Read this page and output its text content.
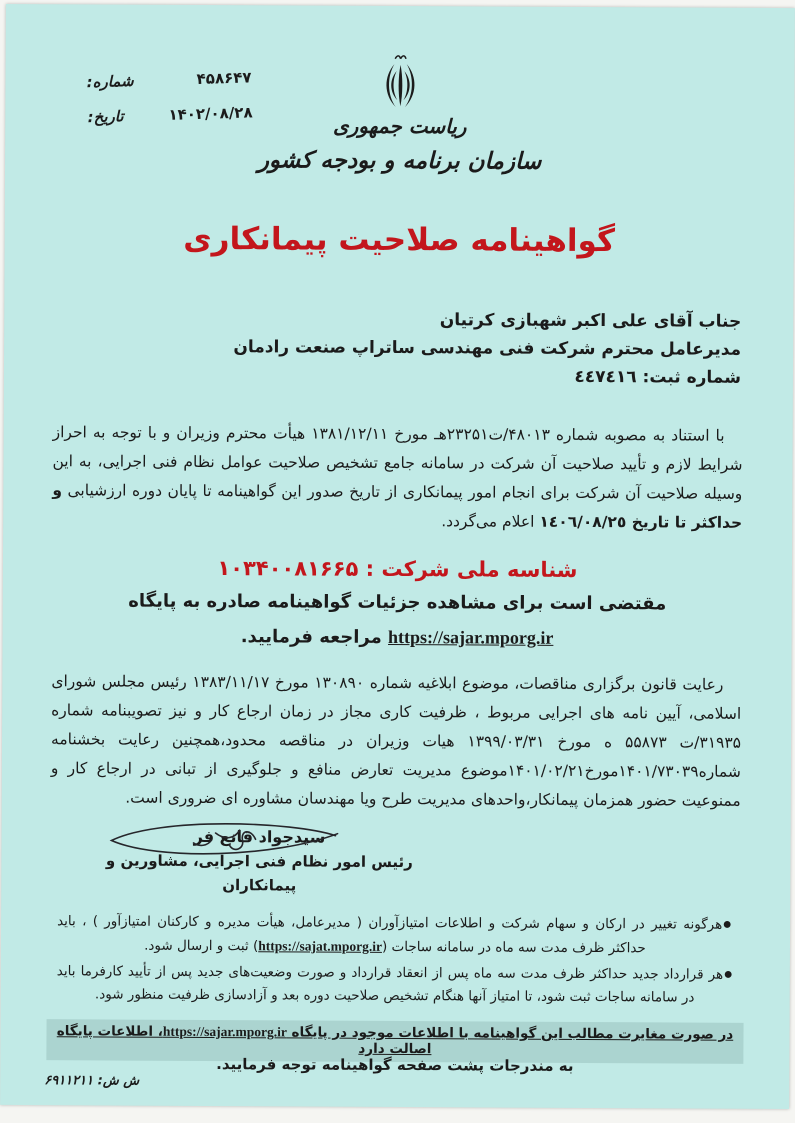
۴۵۸۶۴۷
شماره:
۱۴۰۲/۰۸/۲۸
تاریخ:	ریاست جمهوری
سازمان برنامه و بودجه کشور
گواهینامه صلاحیت پیمانکاری
جناب آقای علی اکبر شهبازی کرتیان
مدیرعامل محترم شرکت فنی مهندسی ساتراپ صنعت رادمان
شماره ثبت: ٤٤٧٤١٦
با استناد به مصوبه شماره ۴۸۰۱۳/ت۲۳۲۵۱هـ مورخ ۱۳۸۱/۱۲/۱۱ هیأت محترم وزیران و با توجه به احراز شرایط لازم و تأیید صلاحیت آن شرکت در سامانه جامع تشخیص صلاحیت عوامل نظام فنی اجرایی، به این وسیله صلاحیت آن شرکت برای انجام امور پیمانکاری از تاریخ صدور این گواهینامه تا پایان دوره ارزشیابی و حداکثر تا تاریخ ١٤٠٦/٠٨/٢٥ اعلام می‌گردد.
شناسه ملی شرکت : ۱۰۳۴۰۰۸۱۶۶۵
مقتضی است برای مشاهده جزئیات گواهینامه صادره به پایگاه
https://sajar.mporg.ir مراجعه فرمایید.
رعایت قانون برگزاری مناقصات، موضوع ابلاغیه شماره ۱۳۰۸۹۰ مورخ ۱۳۸۳/۱۱/۱۷ رئیس مجلس شورای اسلامی، آیین نامه های اجرایی مربوط ، ظرفیت کاری مجاز در زمان ارجاع کار و نیز تصویبنامه شماره ۳۱۹۳۵/ت ۵۵۸۷۳ ه مورخ ۱۳۹۹/۰۳/۳۱ هیات وزیران در مناقصه محدود،همچنین رعایت بخشنامه شماره۱۴۰۱/۷۳۰۳۹مورخ۱۴۰۱/۰۲/۲۱موضوع مدیریت تعارض منافع و جلوگیری از تبانی در ارجاع کار و ممنوعیت حضور همزمان پیمانکار،واحدهای مدیریت طرح ویا مهندسان مشاوره ای ضروری است.
سیدجواد قانع فر
رئیس امور نظام فنی اجرایی، مشاورین و پیمانکاران

●هرگونه تغییر در ارکان و سهام شرکت و اطلاعات امتیازآوران ( مدیرعامل، هیأت مدیره و کارکنان امتیازآور ) ، باید حداکثر ظرف مدت سه ماه در سامانه ساجات (https://sajat.mporg.ir) ثبت و ارسال شود.

●هر قرارداد جدید حداکثر ظرف مدت سه ماه پس از انعقاد قرارداد و صورت وضعیت‌های جدید پس از تأیید کارفرما باید در سامانه ساجات ثبت شود، تا امتیاز آنها هنگام تشخیص صلاحیت دوره بعد و آزادسازی ظرفیت منظور شود.

در صورت مغایرت مطالب این گواهینامه با اطلاعات موجود در پایگاه https://sajar.mporg.ir، اطلاعات پایگاه اصالت دارد
به مندرجات پشت صفحه گواهینامه توجه فرمایید.
ش ش: ۶۹۱۱۲۱۱
